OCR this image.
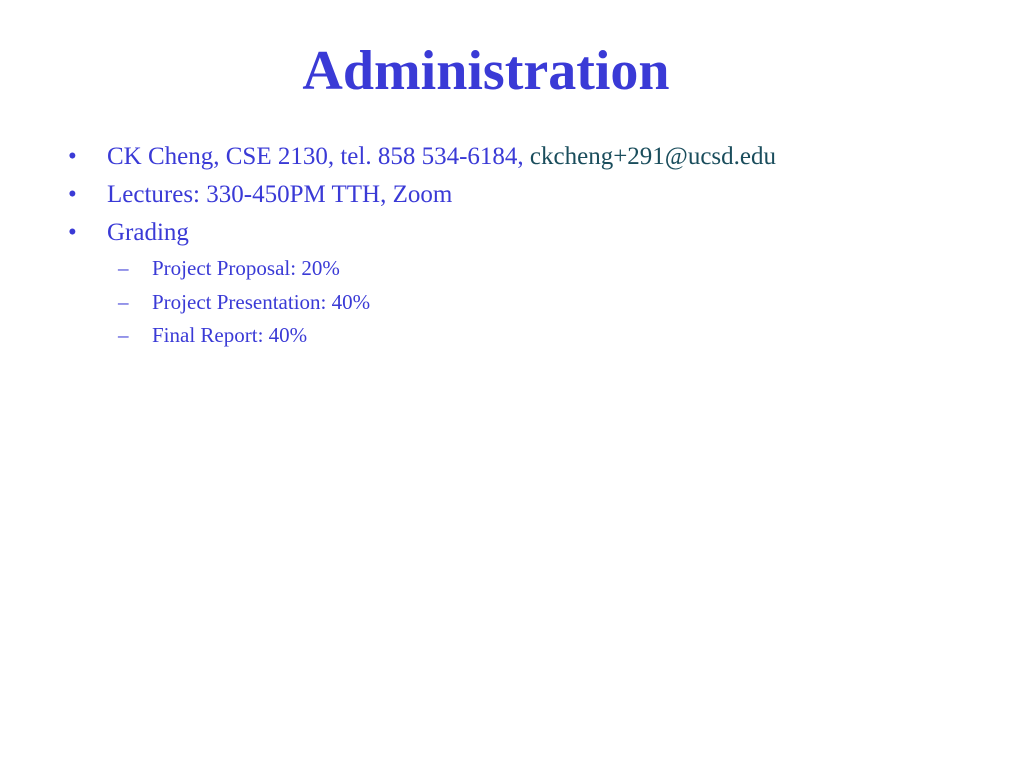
Administration
• CK Cheng, CSE 2130, tel. 858 534-6184, ckcheng+291@ucsd.edu
• Lectures: 330-450PM TTH, Zoom
• Grading
– Project Proposal: 20%
– Project Presentation: 40%
– Final Report: 40%
